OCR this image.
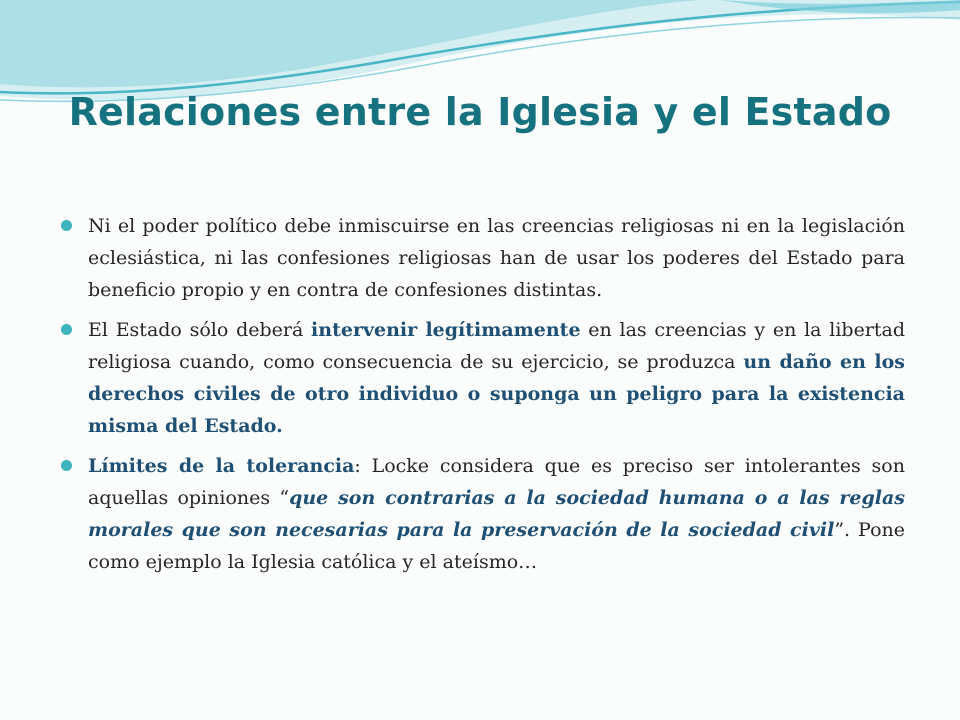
Relaciones entre la Iglesia y el Estado
Ni el poder político debe inmiscuirse en las creencias religiosas ni en la legislación eclesiástica, ni las confesiones religiosas han de usar los poderes del Estado para beneficio propio y en contra de confesiones distintas.
El Estado sólo deberá intervenir legítimamente en las creencias y en la libertad religiosa cuando, como consecuencia de su ejercicio, se produzca un daño en los derechos civiles de otro individuo o suponga un peligro para la existencia misma del Estado.
Límites de la tolerancia: Locke considera que es preciso ser intolerantes son aquellas opiniones “que son contrarias a la sociedad humana o a las reglas morales que son necesarias para la preservación de la sociedad civil”. Pone como ejemplo la Iglesia católica y el ateísmo…
